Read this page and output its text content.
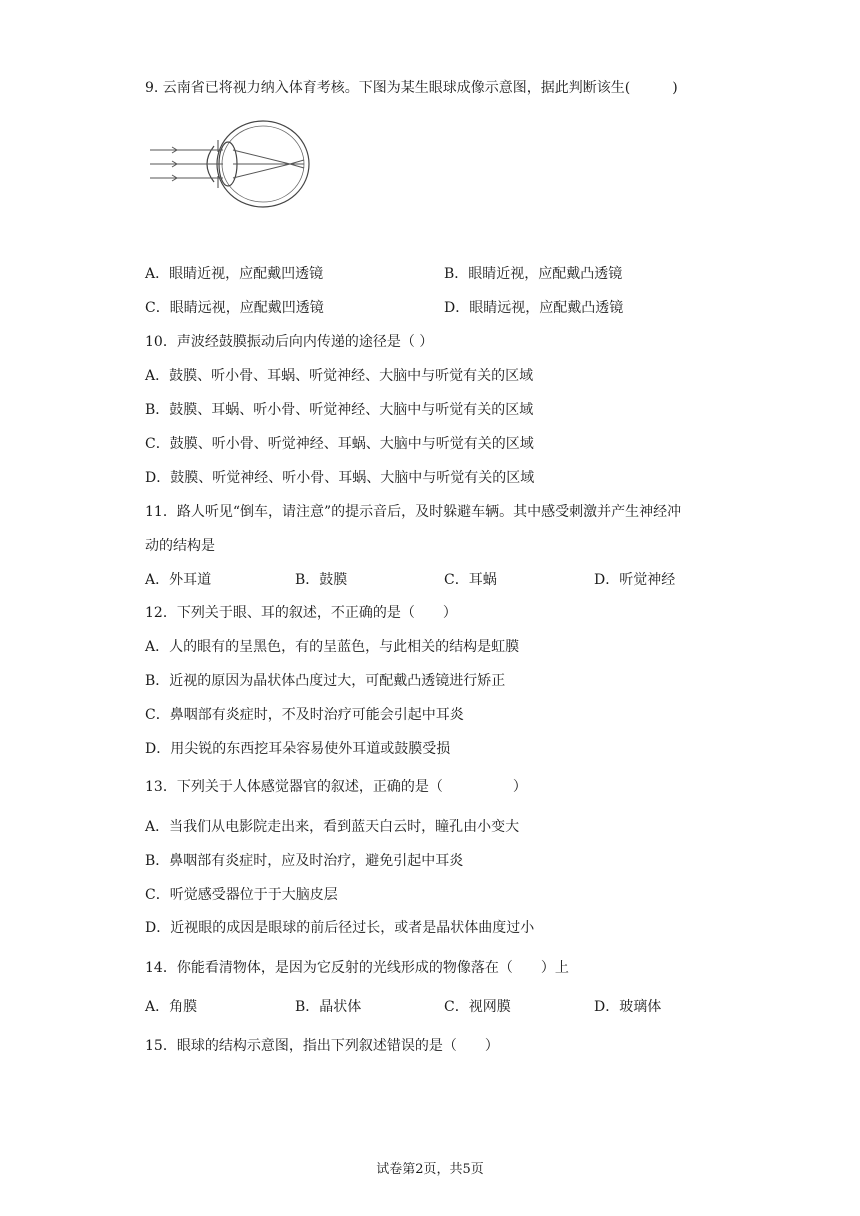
9. 云南省已将视力纳入体育考核。下图为某生眼球成像示意图，据此判断该生(　　　)
A．眼睛近视，应配戴凹透镜	B．眼睛近视，应配戴凸透镜
C．眼睛远视，应配戴凹透镜	D．眼睛远视，应配戴凸透镜
10．声波经鼓膜振动后向内传递的途径是（ ）
A．鼓膜、听小骨、耳蜗、听觉神经、大脑中与听觉有关的区域
B．鼓膜、耳蜗、听小骨、听觉神经、大脑中与听觉有关的区域
C．鼓膜、听小骨、听觉神经、耳蜗、大脑中与听觉有关的区域
D．鼓膜、听觉神经、听小骨、耳蜗、大脑中与听觉有关的区域
11．路人听见“倒车，请注意”的提示音后，及时躲避车辆。其中感受刺激并产生神经冲
动的结构是
A．外耳道	B．鼓膜	C．耳蜗	D．听觉神经
12．下列关于眼、耳的叙述，不正确的是（　　）
A．人的眼有的呈黑色，有的呈蓝色，与此相关的结构是虹膜
B．近视的原因为晶状体凸度过大，可配戴凸透镜进行矫正
C．鼻咽部有炎症时，不及时治疗可能会引起中耳炎
D．用尖锐的东西挖耳朵容易使外耳道或鼓膜受损
13．下列关于人体感觉器官的叙述，正确的是（　　　　　）
A．当我们从电影院走出来，看到蓝天白云时，瞳孔由小变大
B．鼻咽部有炎症时，应及时治疗，避免引起中耳炎
C．听觉感受器位于于大脑皮层
D．近视眼的成因是眼球的前后径过长，或者是晶状体曲度过小
14．你能看清物体，是因为它反射的光线形成的物像落在（　　）上
A．角膜	B．晶状体	C．视网膜	D．玻璃体
15．眼球的结构示意图，指出下列叙述错误的是（　　）
试卷第2页，共5页
